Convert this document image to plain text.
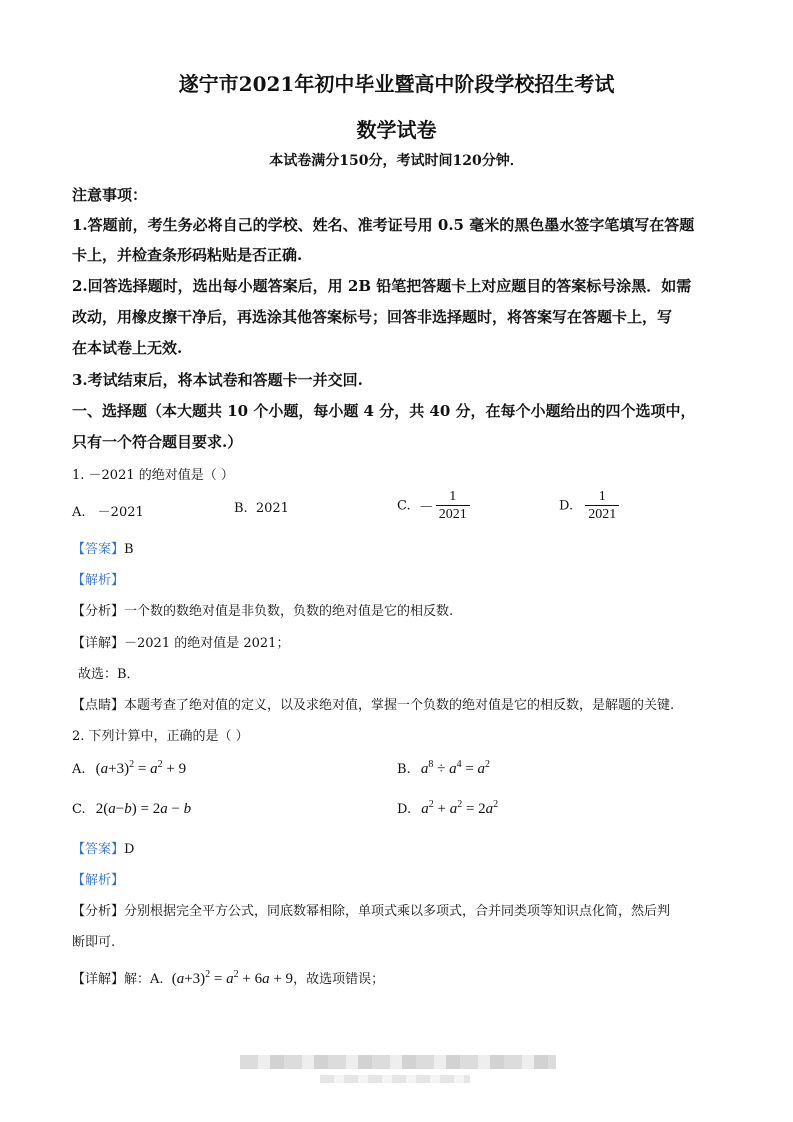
遂宁市2021年初中毕业暨高中阶段学校招生考试
数学试卷
本试卷满分150分，考试时间120分钟．
注意事项：
1.答题前，考生务必将自己的学校、姓名、准考证号用 0.5 毫米的黑色墨水签字笔填写在答题
卡上，并检查条形码粘贴是否正确.
2.回答选择题时，选出每小题答案后，用 2B 铅笔把答题卡上对应题目的答案标号涂黑．如需
改动，用橡皮擦干净后，再选涂其他答案标号；回答非选择题时，将答案写在答题卡上，写
在本试卷上无效.
3.考试结束后，将本试卷和答题卡一并交回.
一、选择题（本大题共 10 个小题，每小题 4 分，共 40 分，在每个小题给出的四个选项中，
只有一个符合题目要求.）
1. －2021 的绝对值是（ ）
A. －2021	B. 2021	C. － $\frac{1}{2021}$	D. $\frac{1}{2021}$
【答案】B
【解析】
【分析】一个数的数绝对值是非负数，负数的绝对值是它的相反数.
【详解】－2021 的绝对值是 2021；
故选：B．
【点睛】本题考查了绝对值的定义，以及求绝对值，掌握一个负数的绝对值是它的相反数，是解题的关键.
2. 下列计算中，正确的是（ ）
A. $(a+3)^2 = a^2 + 9$	B. $a^8 \div a^4 = a^2$
C. 2(a−b) = 2a − b	D. $a^2 + a^2 = 2a^2$
【答案】D
【解析】
【分析】分别根据完全平方公式，同底数幂相除，单项式乘以多项式，合并同类项等知识点化简，然后判
断即可.
【详解】解：A. $(a+3)^2 = a^2 + 6a + 9$，故选项错误；
